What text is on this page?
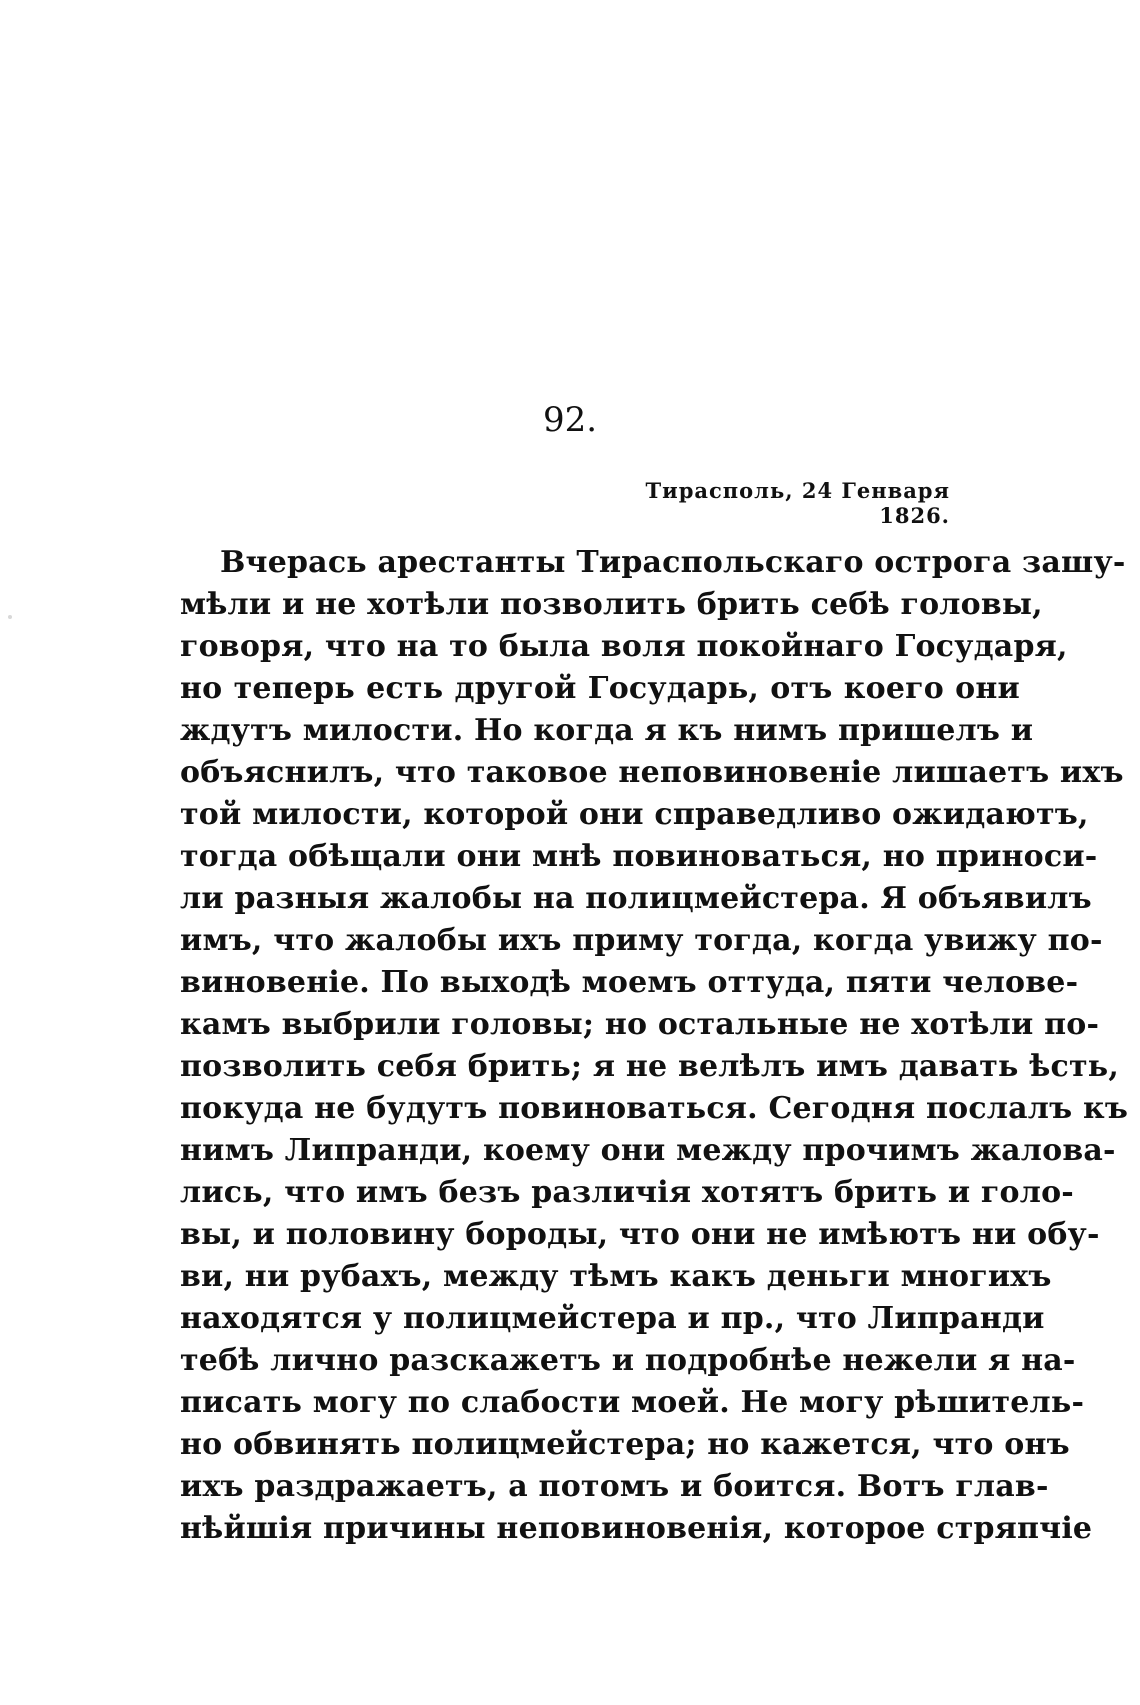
92.
Тирасполь, 24 Генваря 1826.
Вчерась арестанты Тираспольскаго острога зашу-
мѣли и не хотѣли позволить брить себѣ головы,
говоря, что на то была воля покойнаго Государя,
но теперь есть другой Государь, отъ коего они
ждутъ милости. Но когда я къ нимъ пришелъ и
объяснилъ, что таковое неповиновеніе лишаетъ ихъ
той милости, которой они справедливо ожидаютъ,
тогда обѣщали они мнѣ повиноваться, но приноси-
ли разныя жалобы на полицмейстера. Я объявилъ
имъ, что жалобы ихъ приму тогда, когда увижу по-
виновеніе. По выходѣ моемъ оттуда, пяти челове-
камъ выбрили головы; но остальные не хотѣли по-
позволить себя брить; я не велѣлъ имъ давать ѣсть,
покуда не будутъ повиноваться. Сегодня послалъ къ
нимъ Липранди, коему они между прочимъ жалова-
лись, что имъ безъ различія хотятъ брить и голо-
вы, и половину бороды, что они не имѣютъ ни обу-
ви, ни рубахъ, между тѣмъ какъ деньги многихъ
находятся у полицмейстера и пр., что Липранди
тебѣ лично разскажетъ и подробнѣе нежели я на-
писать могу по слабости моей. Не могу рѣшитель-
но обвинять полицмейстера; но кажется, что онъ
ихъ раздражаетъ, а потомъ и боится. Вотъ глав-
нѣйшія причины неповиновенія, которое стряпчіе
